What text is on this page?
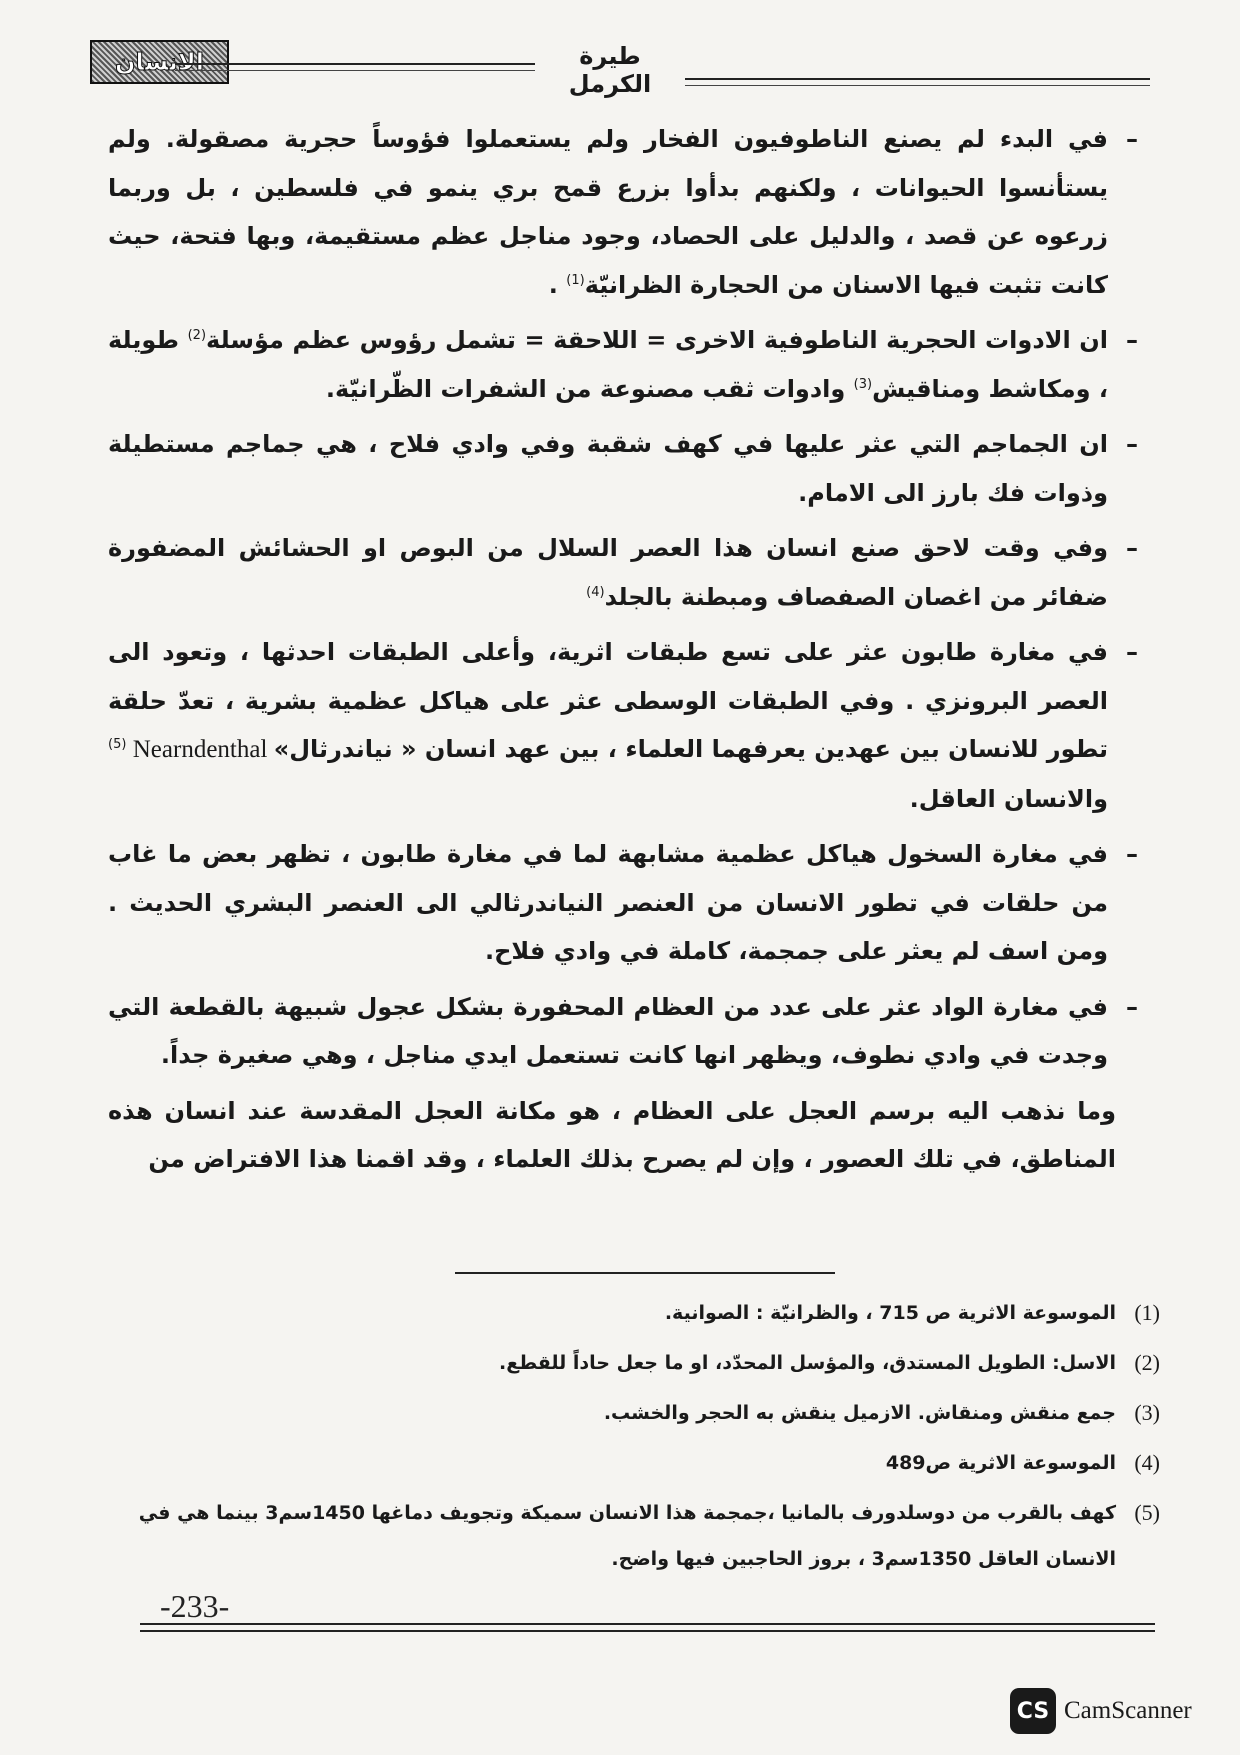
الانسان	طيرة الكرمل

–
في البدء لم يصنع الناطوفيون الفخار ولم يستعملوا فؤوساً حجرية مصقولة. ولم يستأنسوا الحيوانات ، ولكنهم بدأوا بزرع قمح بري ينمو في فلسطين ، بل وربما زرعوه عن قصد ، والدليل على الحصاد، وجود مناجل عظم مستقيمة، وبها فتحة، حيث كانت تثبت فيها الاسنان من الحجارة الظرانيّة$^{(1)}$ .

–
ان الادوات الحجرية الناطوفية الاخرى = اللاحقة = تشمل رؤوس عظم مؤسلة$^{(2)}$ طويلة ، ومكاشط ومناقيش$^{(3)}$ وادوات ثقب مصنوعة من الشفرات الظّرانيّة.

–
ان الجماجم التي عثر عليها في كهف شقبة وفي وادي فلاح ، هي جماجم مستطيلة وذوات فك بارز الى الامام.

–
وفي وقت لاحق صنع انسان هذا العصر السلال من البوص او الحشائش المضفورة ضفائر من اغصان الصفصاف ومبطنة بالجلد$^{(4)}$

–
في مغارة طابون عثر على تسع طبقات اثرية، وأعلى الطبقات احدثها ، وتعود الى العصر البرونزي . وفي الطبقات الوسطى عثر على هياكل عظمية بشرية ، تعدّ حلقة تطور للانسان بين عهدين يعرفهما العلماء ، بين عهد انسان « نياندرثال» Nearndenthal $^{(5)}$ والانسان العاقل.

–
في مغارة السخول هياكل عظمية مشابهة لما في مغارة طابون ، تظهر بعض ما غاب من حلقات في تطور الانسان من العنصر النياندرثالي الى العنصر البشري الحديث . ومن اسف لم يعثر على جمجمة، كاملة في وادي فلاح.

–
في مغارة الواد عثر على عدد من العظام المحفورة بشكل عجول شبيهة بالقطعة التي وجدت في وادي نطوف، ويظهر انها كانت تستعمل ايدي مناجل ، وهي صغيرة جداً.

وما نذهب اليه برسم العجل على العظام ، هو مكانة العجل المقدسة عند انسان هذه المناطق، في تلك العصور ، وإن لم يصرح بذلك العلماء ، وقد اقمنا هذا الافتراض من

(1)
الموسوعة الاثرية ص 715 ، والظرانيّة : الصوانية.

(2)
الاسل: الطويل المستدق، والمؤسل المحدّد، او ما جعل حاداً للقطع.

(3)
جمع منقش ومنقاش. الازميل ينقش به الحجر والخشب.

(4)
الموسوعة الاثرية ص489

(5)
كهف بالقرب من دوسلدورف بالمانيا ،جمجمة هذا الانسان سميكة وتجويف دماغها 1450سم3 بينما هي في الانسان العاقل 1350سم3 ، بروز الحاجبين فيها واضح.

-233-
CS CamScanner
